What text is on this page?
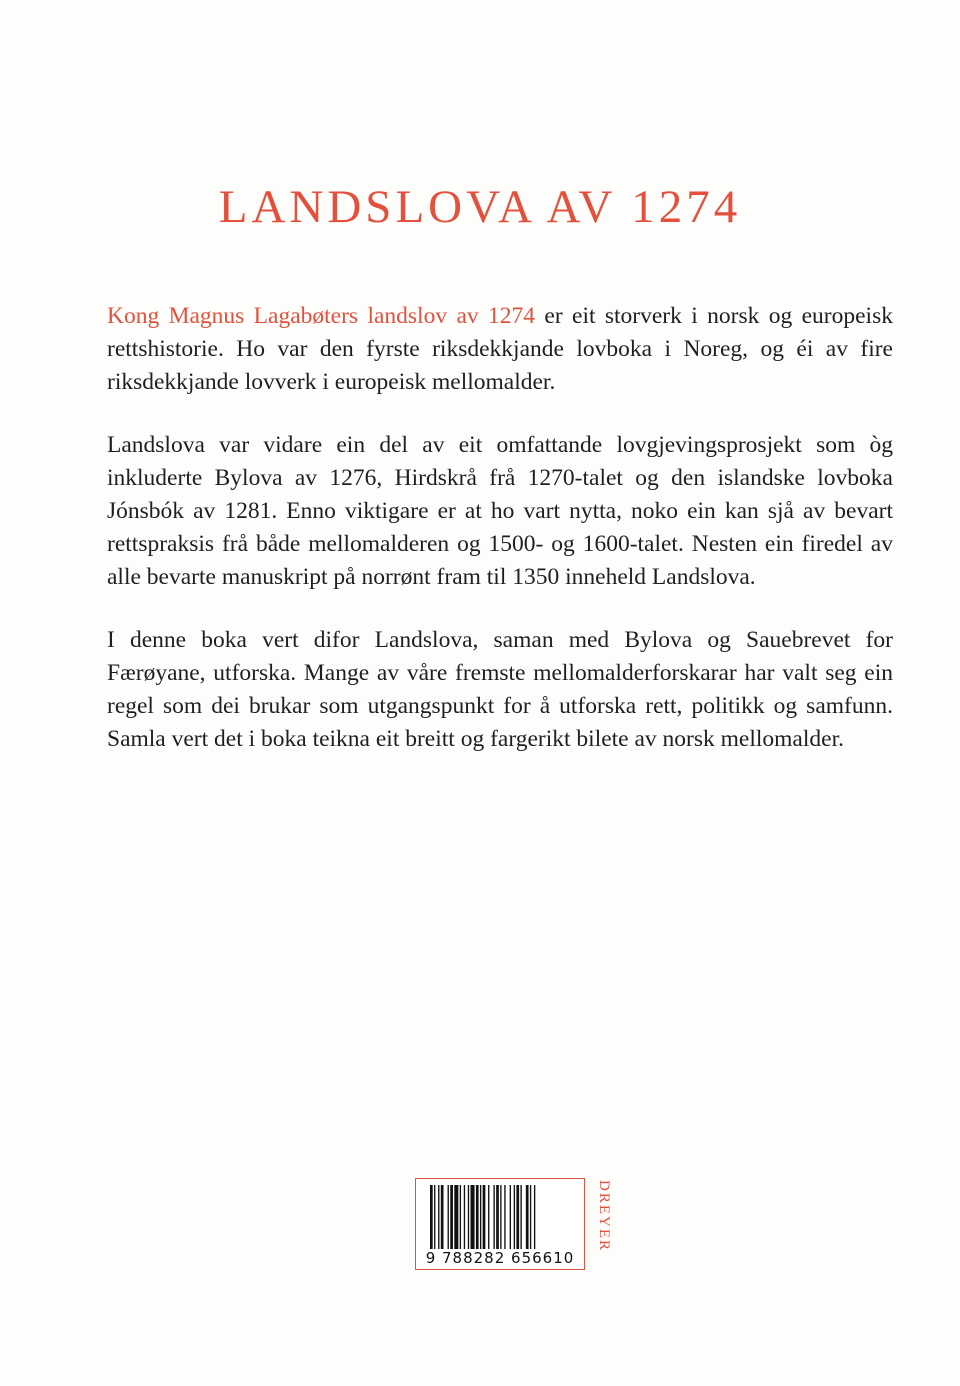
LANDSLOVA AV 1274

Kong Magnus Lagabøters landslov av 1274 er eit storverk i norsk og europeisk rettshistorie. Ho var den fyrste riksdekkjande lovboka i Noreg, og éi av fire riksdekkjande lovverk i europeisk mellomalder.

Landslova var vidare ein del av eit omfattande lovgjevingsprosjekt som òg inkluderte Bylova av 1276, Hirdskrå frå 1270-talet og den islandske lovboka Jónsbók av 1281. Enno viktigare er at ho vart nytta, noko ein kan sjå av bevart rettspraksis frå både mellomalderen og 1500- og 1600-talet. Nesten ein firedel av alle bevarte manuskript på norrønt fram til 1350 inneheld Landslova.

I denne boka vert difor Landslova, saman med Bylova og Sauebrevet for Færøyane, utforska. Mange av våre fremste mellomalderforskarar har valt seg ein regel som dei brukar som utgangspunkt for å utforska rett, politikk og samfunn. Samla vert det i boka teikna eit breitt og fargerikt bilete av norsk mellomalder.

9 788282 656610
DREYER
